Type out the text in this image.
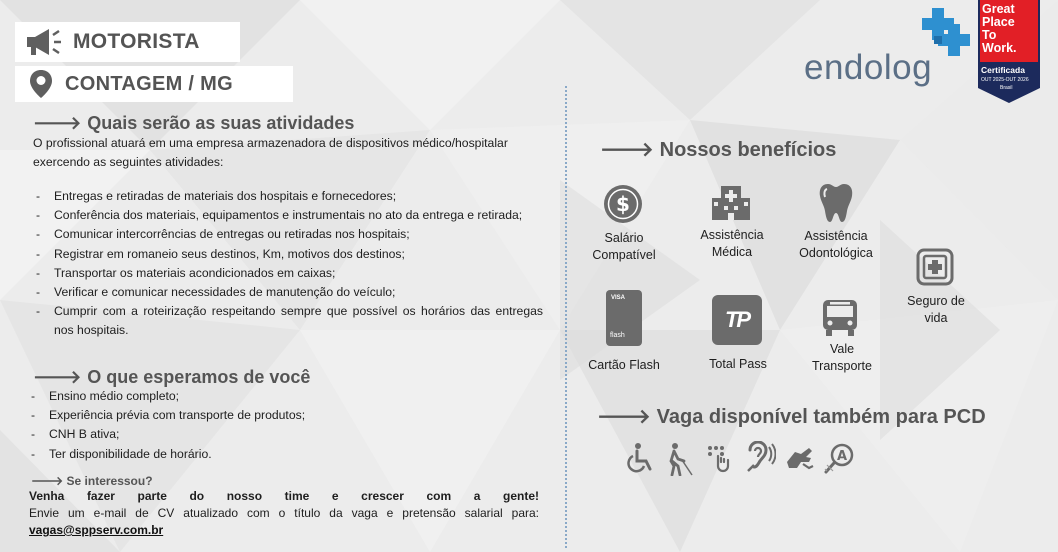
MOTORISTA
CONTAGEM / MG
🡒 Quais serão as suas atividades
O profissional atuará em uma empresa armazenadora de dispositivos médico/hospitalar exercendo as seguintes atividades:
- Entregas e retiradas de materiais dos hospitais e fornecedores;
- Conferência dos materiais, equipamentos e instrumentais no ato da entrega e retirada;
- Comunicar intercorrências de entregas ou retiradas nos hospitais;
- Registrar em romaneio seus destinos, Km, motivos dos destinos;
- Transportar os materiais acondicionados em caixas;
- Verificar e comunicar necessidades de manutenção do veículo;
- Cumprir com a roteirização respeitando sempre que possível os horários das entregas nos hospitais.
🡒 O que esperamos de você
- Ensino médio completo;
- Experiência prévia com transporte de produtos;
- CNH B ativa;
- Ter disponibilidade de horário.
🡒 Se interessou?
Venha fazer parte do nosso time e crescer com a gente!
Envie um e-mail de CV atualizado com o título da vaga e pretensão salarial para:
vagas@sppserv.com.br
endolog
Great
Place
To
Work.
Certificada
OUT 2025-OUT 2026
Brasil
🡒 Nossos benefícios
$
Salário
Compatível
Assistência
Médica
Assistência
Odontológica
Seguro de
vida
VISA
flash
Cartão Flash
TP
Total Pass
Vale
Transporte
🡒 Vaga disponível também para PCD
A
